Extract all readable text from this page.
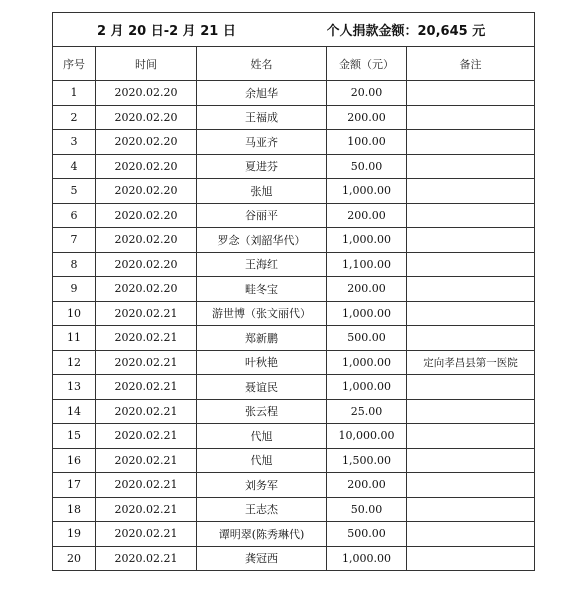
2 月 20 日-2 月 21 日			个人捐款金额：20,645 元	
序号	时间	姓名	金额（元）	备注
1	2020.02.20	余旭华	20.00	
2	2020.02.20	王福成	200.00	
3	2020.02.20	马亚齐	100.00	
4	2020.02.20	夏进芬	50.00	
5	2020.02.20	张旭	1,000.00	
6	2020.02.20	谷丽平	200.00	
7	2020.02.20	罗念（刘韶华代）	1,000.00	
8	2020.02.20	王海红	1,100.00	
9	2020.02.20	畦冬宝	200.00	
10	2020.02.21	游世博（张文丽代）	1,000.00	
11	2020.02.21	郑新鹏	500.00	
12	2020.02.21	叶秋艳	1,000.00	定向孝昌县第一医院
13	2020.02.21	聂谊民	1,000.00	
14	2020.02.21	张云程	25.00	
15	2020.02.21	代旭	10,000.00	
16	2020.02.21	代旭	1,500.00	
17	2020.02.21	刘务军	200.00	
18	2020.02.21	王志杰	50.00	
19	2020.02.21	谭明翠(陈秀琳代)	500.00	
20	2020.02.21	龚冠西	1,000.00	
